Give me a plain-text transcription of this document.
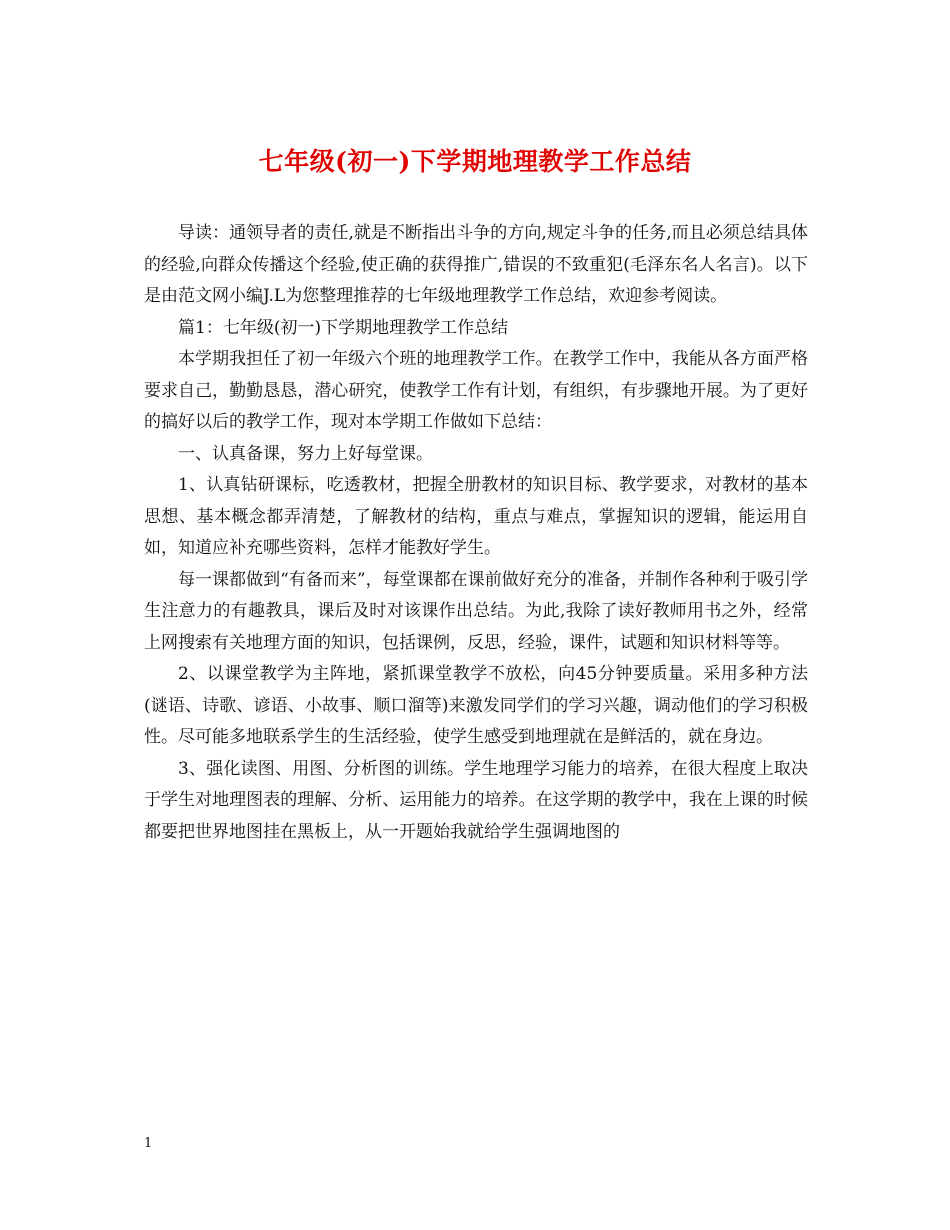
七年级(初一)下学期地理教学工作总结

导读：通领导者的责任,就是不断指出斗争的方向,规定斗争的任务,而且必须总结具体的经验,向群众传播这个经验,使正确的获得推广,错误的不致重犯(毛泽东名人名言)。以下是由范文网小编J.L为您整理推荐的七年级地理教学工作总结，欢迎参考阅读。

篇1：七年级(初一)下学期地理教学工作总结

本学期我担任了初一年级六个班的地理教学工作。在教学工作中，我能从各方面严格要求自己，勤勤恳恳，潜心研究，使教学工作有计划，有组织，有步骤地开展。为了更好的搞好以后的教学工作，现对本学期工作做如下总结：

一、认真备课，努力上好每堂课。

1、认真钻研课标，吃透教材，把握全册教材的知识目标、教学要求，对教材的基本思想、基本概念都弄清楚，了解教材的结构，重点与难点，掌握知识的逻辑，能运用自如，知道应补充哪些资料，怎样才能教好学生。

每一课都做到“有备而来”，每堂课都在课前做好充分的准备，并制作各种利于吸引学生注意力的有趣教具，课后及时对该课作出总结。为此,我除了读好教师用书之外，经常上网搜索有关地理方面的知识，包括课例，反思，经验，课件，试题和知识材料等等。

2、以课堂教学为主阵地，紧抓课堂教学不放松，向45分钟要质量。采用多种方法(谜语、诗歌、谚语、小故事、顺口溜等)来激发同学们的学习兴趣，调动他们的学习积极性。尽可能多地联系学生的生活经验，使学生感受到地理就在是鲜活的，就在身边。

3、强化读图、用图、分析图的训练。学生地理学习能力的培养，在很大程度上取决于学生对地理图表的理解、分析、运用能力的培养。在这学期的教学中，我在上课的时候都要把世界地图挂在黑板上，从一开题始我就给学生强调地图的

1
